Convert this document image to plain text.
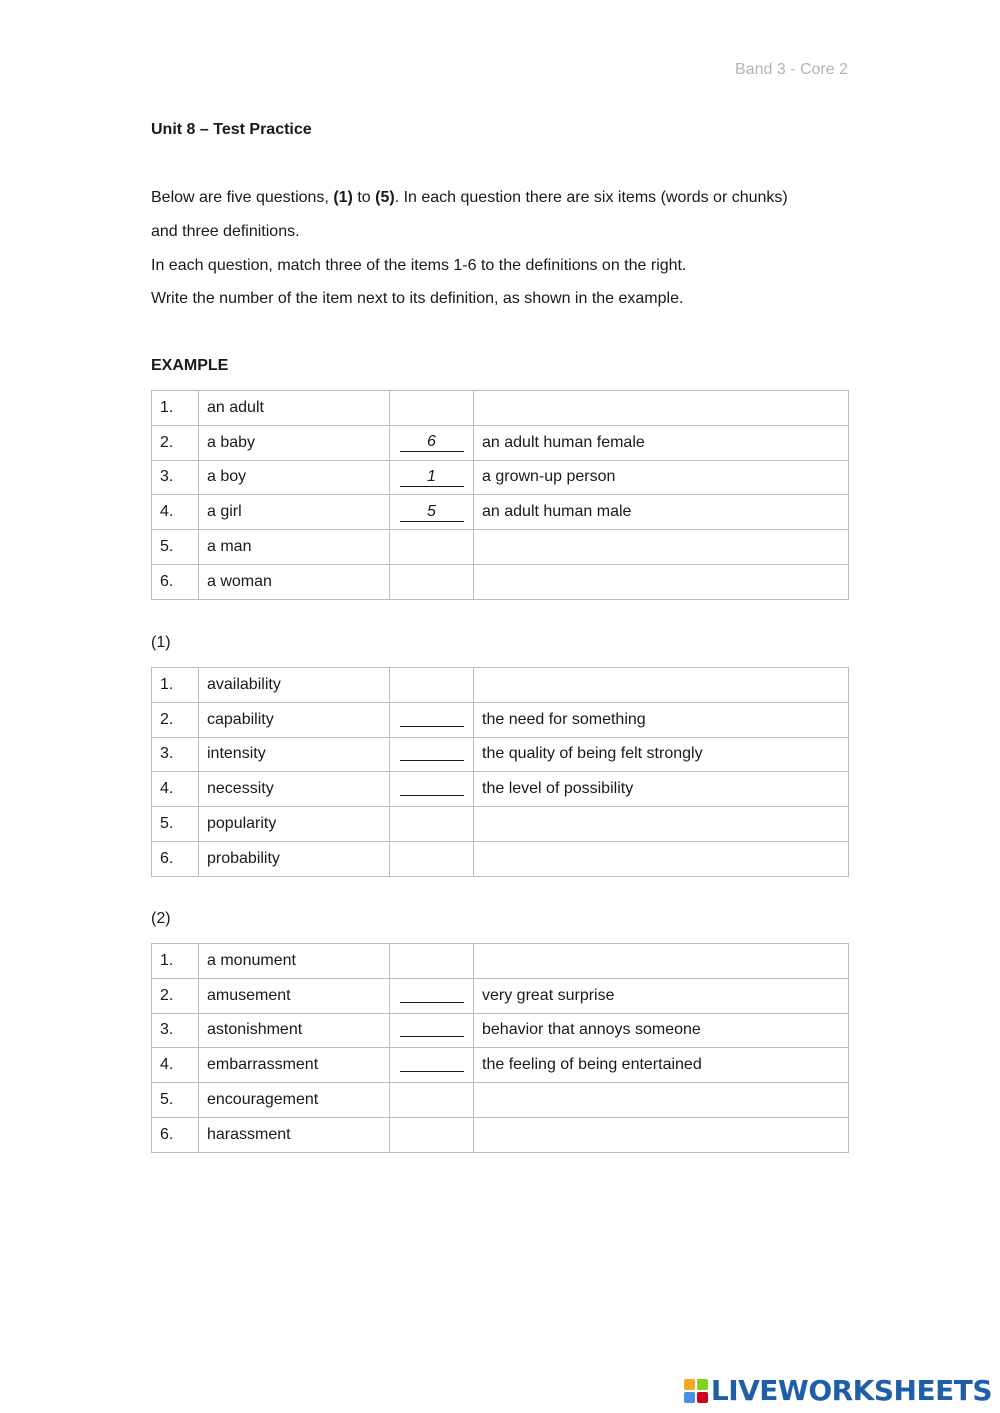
Band 3 - Core 2
Unit 8 – Test Practice
Below are five questions, (1) to (5). In each question there are six items (words or chunks)
and three definitions.
In each question, match three of the items 1-6 to the definitions on the right.
Write the number of the item next to its definition, as shown in the example.
EXAMPLE
1.	an adult		
2.	a baby	6	an adult human female
3.	a boy	1	a grown-up person
4.	a girl	5	an adult human male
5.	a man		
6.	a woman		
(1)
1.	availability		
2.	capability		the need for something
3.	intensity		the quality of being felt strongly
4.	necessity		the level of possibility
5.	popularity		
6.	probability		
(2)
1.	a monument		
2.	amusement		very great surprise
3.	astonishment		behavior that annoys someone
4.	embarrassment		the feeling of being entertained
5.	encouragement		
6.	harassment		
LIVEWORKSHEETS
